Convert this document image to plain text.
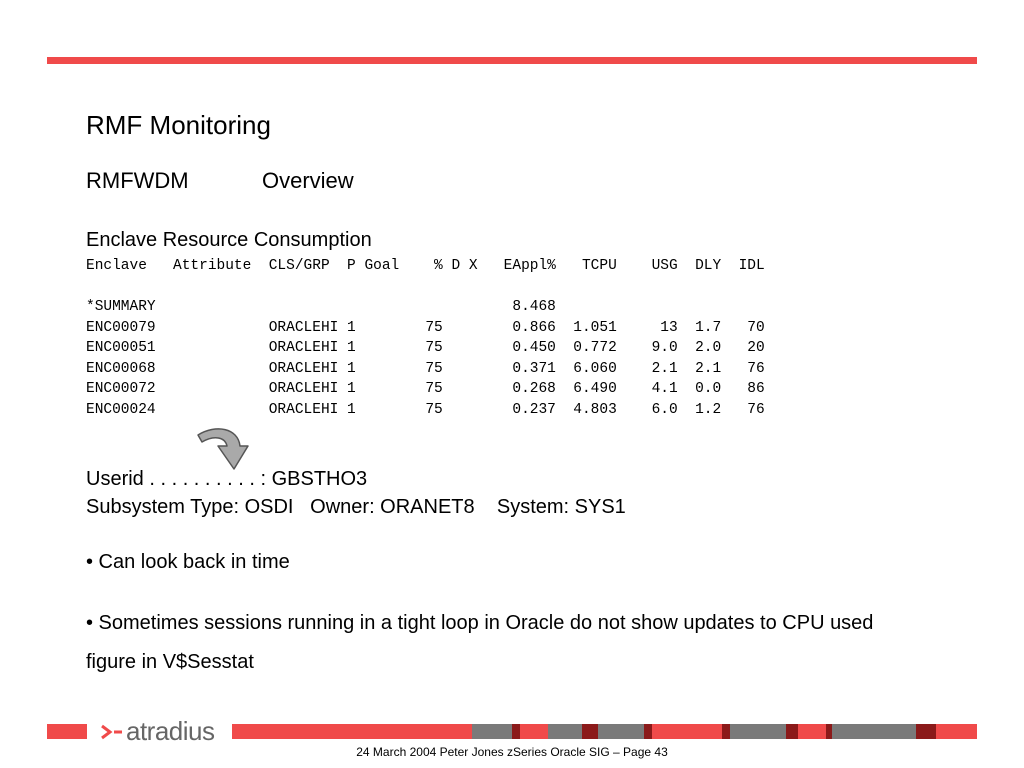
RMF Monitoring
RMFWDM	Overview
Enclave Resource Consumption
Enclave   Attribute  CLS/GRP  P Goal    % D X   EAppl%   TCPU    USG  DLY  IDL

*SUMMARY                                         8.468
ENC00079             ORACLEHI 1        75        0.866  1.051     13  1.7   70
ENC00051             ORACLEHI 1        75        0.450  0.772    9.0  2.0   20
ENC00068             ORACLEHI 1        75        0.371  6.060    2.1  2.1   76
ENC00072             ORACLEHI 1        75        0.268  6.490    4.1  0.0   86
ENC00024             ORACLEHI 1        75        0.237  4.803    6.0  1.2   76
Userid . . . . . . . . . . : GBSTHO3
Subsystem Type: OSDI   Owner: ORANET8    System: SYS1
• Can look back in time
• Sometimes sessions running in a tight loop in Oracle do not show updates to CPU used figure in V$Sesstat
atradius
24 March 2004 Peter Jones zSeries Oracle SIG – Page 43
